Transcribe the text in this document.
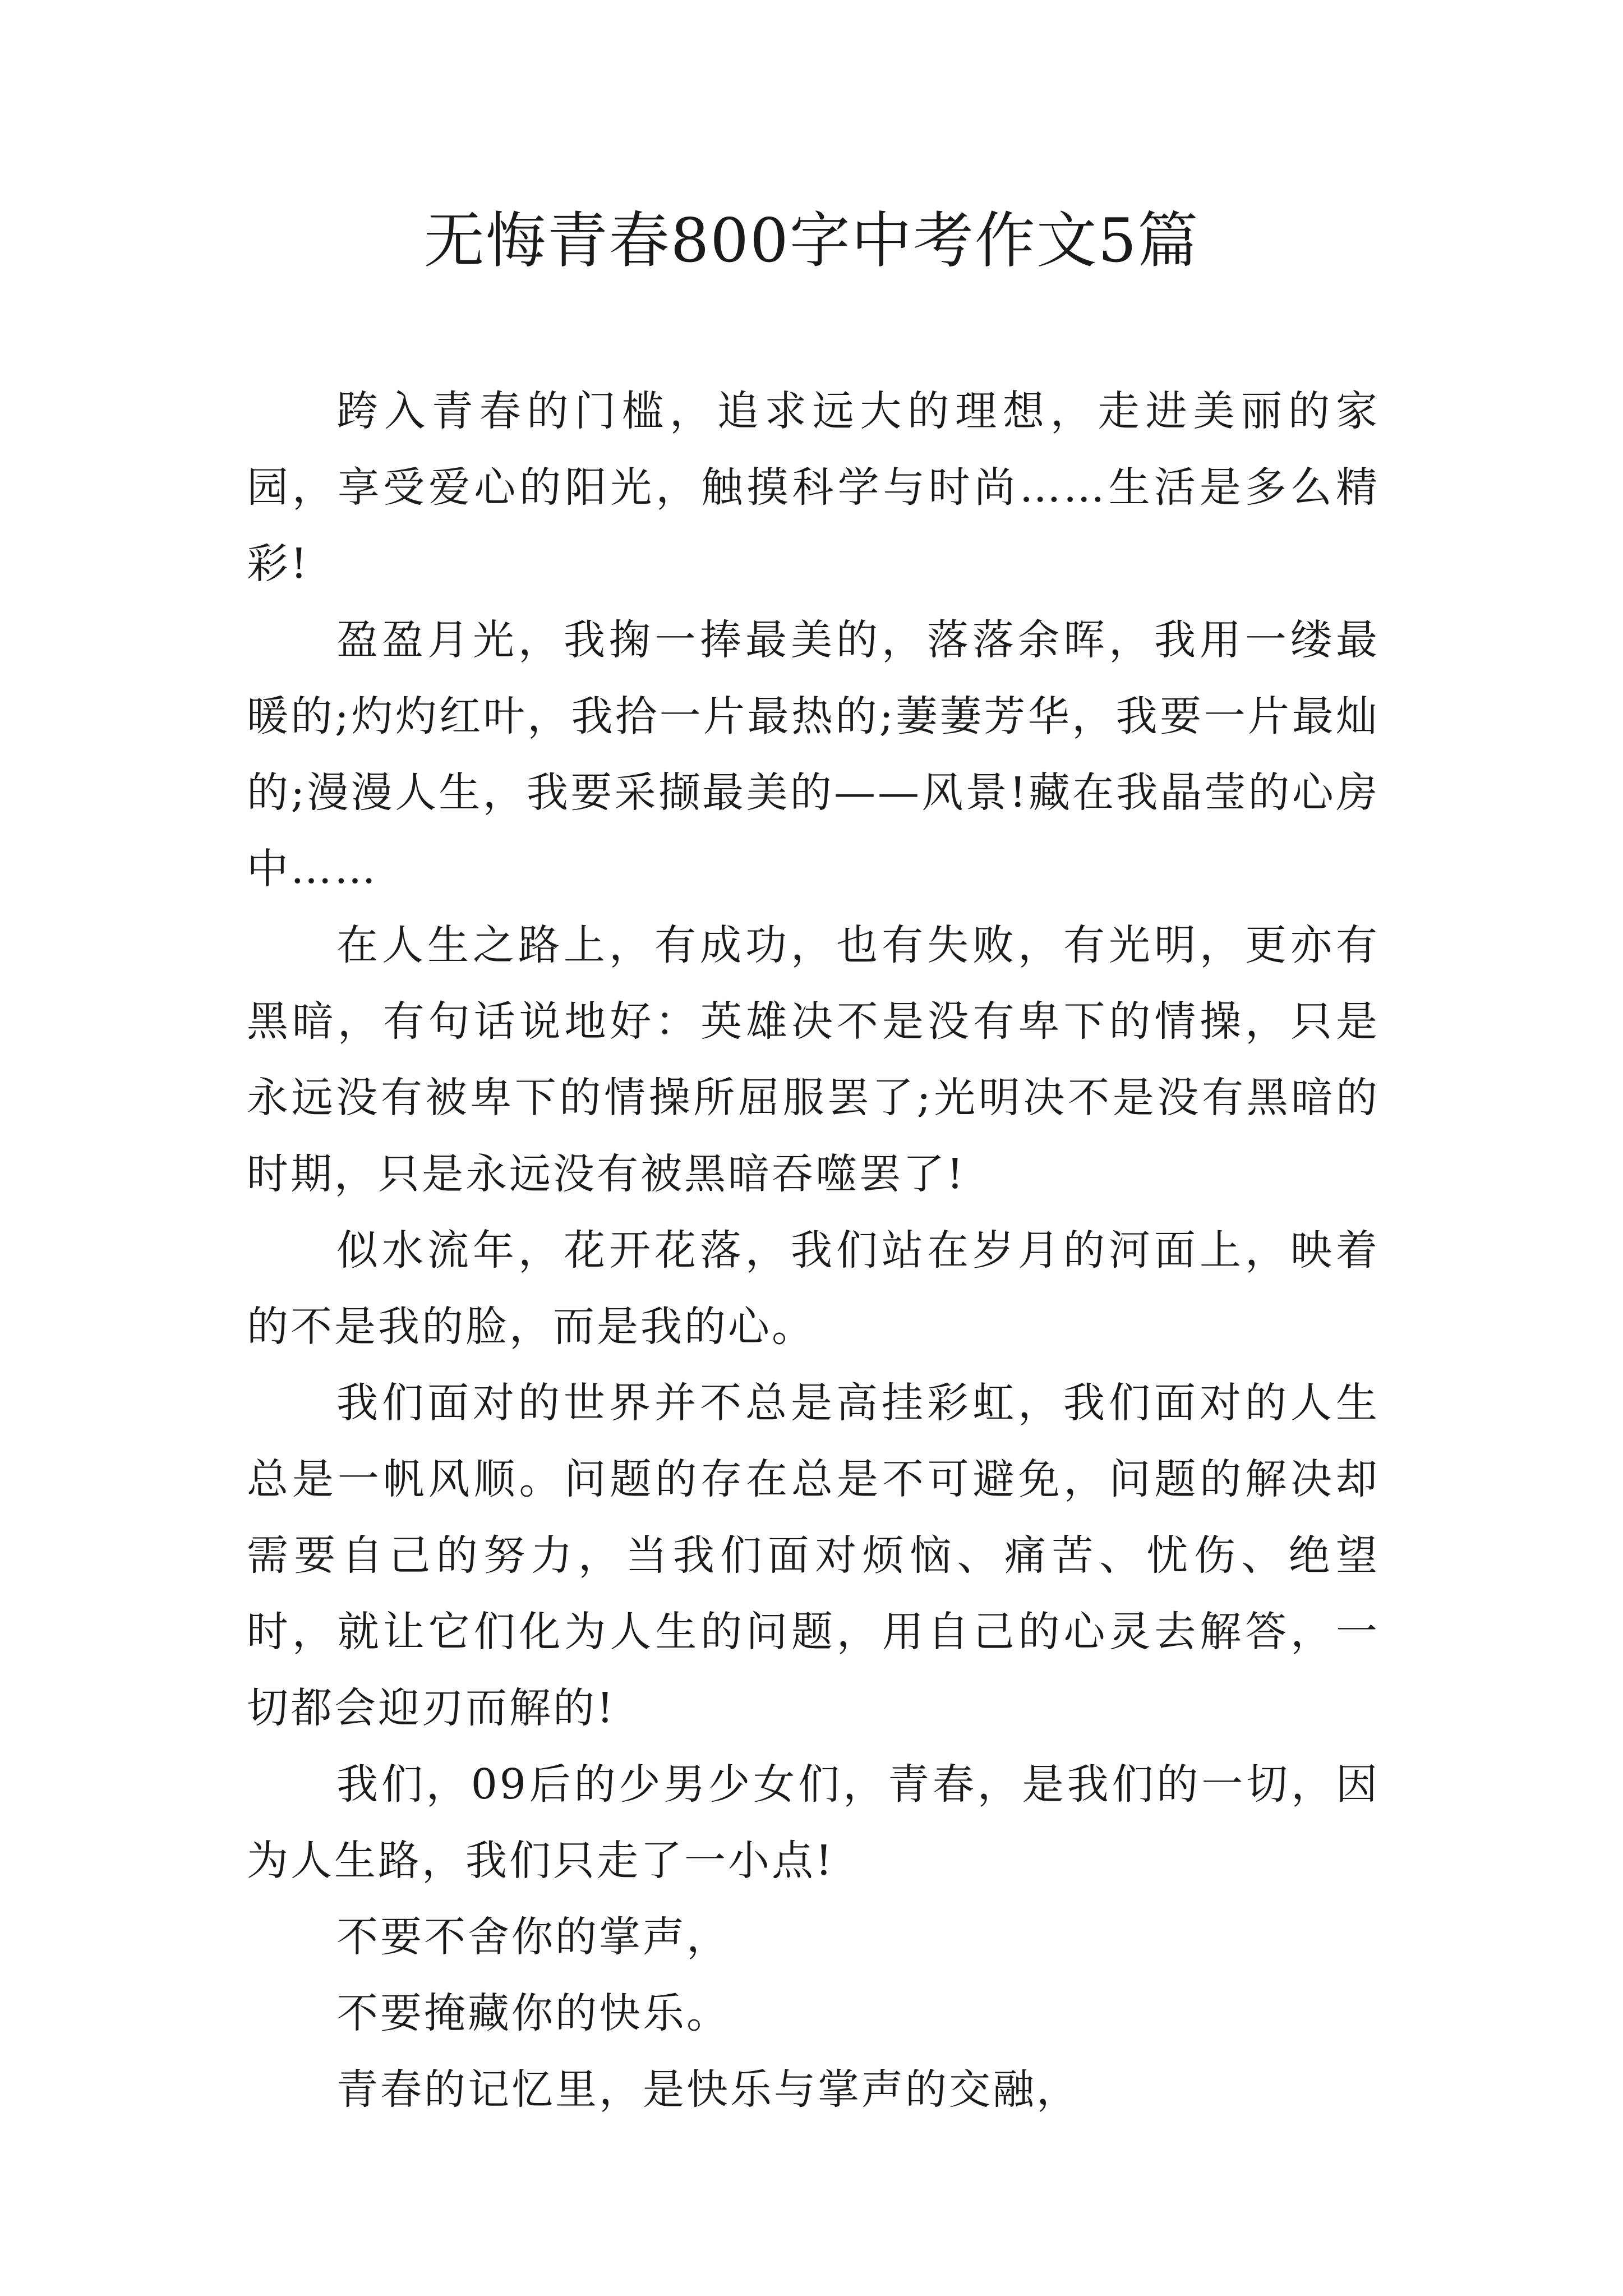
无悔青春800字中考作文5篇

跨入青春的门槛，追求远大的理想，走进美丽的家园，享受爱心的阳光，触摸科学与时尚……生活是多么精彩!

盈盈月光，我掬一捧最美的，落落余晖，我用一缕最暖的;灼灼红叶，我拾一片最热的;萋萋芳华，我要一片最灿的;漫漫人生，我要采撷最美的——风景!藏在我晶莹的心房中……

在人生之路上，有成功，也有失败，有光明，更亦有黑暗，有句话说地好：英雄决不是没有卑下的情操，只是永远没有被卑下的情操所屈服罢了;光明决不是没有黑暗的时期，只是永远没有被黑暗吞噬罢了!

似水流年，花开花落，我们站在岁月的河面上，映着的不是我的脸，而是我的心。

我们面对的世界并不总是高挂彩虹，我们面对的人生总是一帆风顺。问题的存在总是不可避免，问题的解决却需要自己的努力，当我们面对烦恼、痛苦、忧伤、绝望时，就让它们化为人生的问题，用自己的心灵去解答，一切都会迎刃而解的!

我们，09后的少男少女们，青春，是我们的一切，因为人生路，我们只走了一小点!

不要不舍你的掌声，

不要掩藏你的快乐。

青春的记忆里，是快乐与掌声的交融，
